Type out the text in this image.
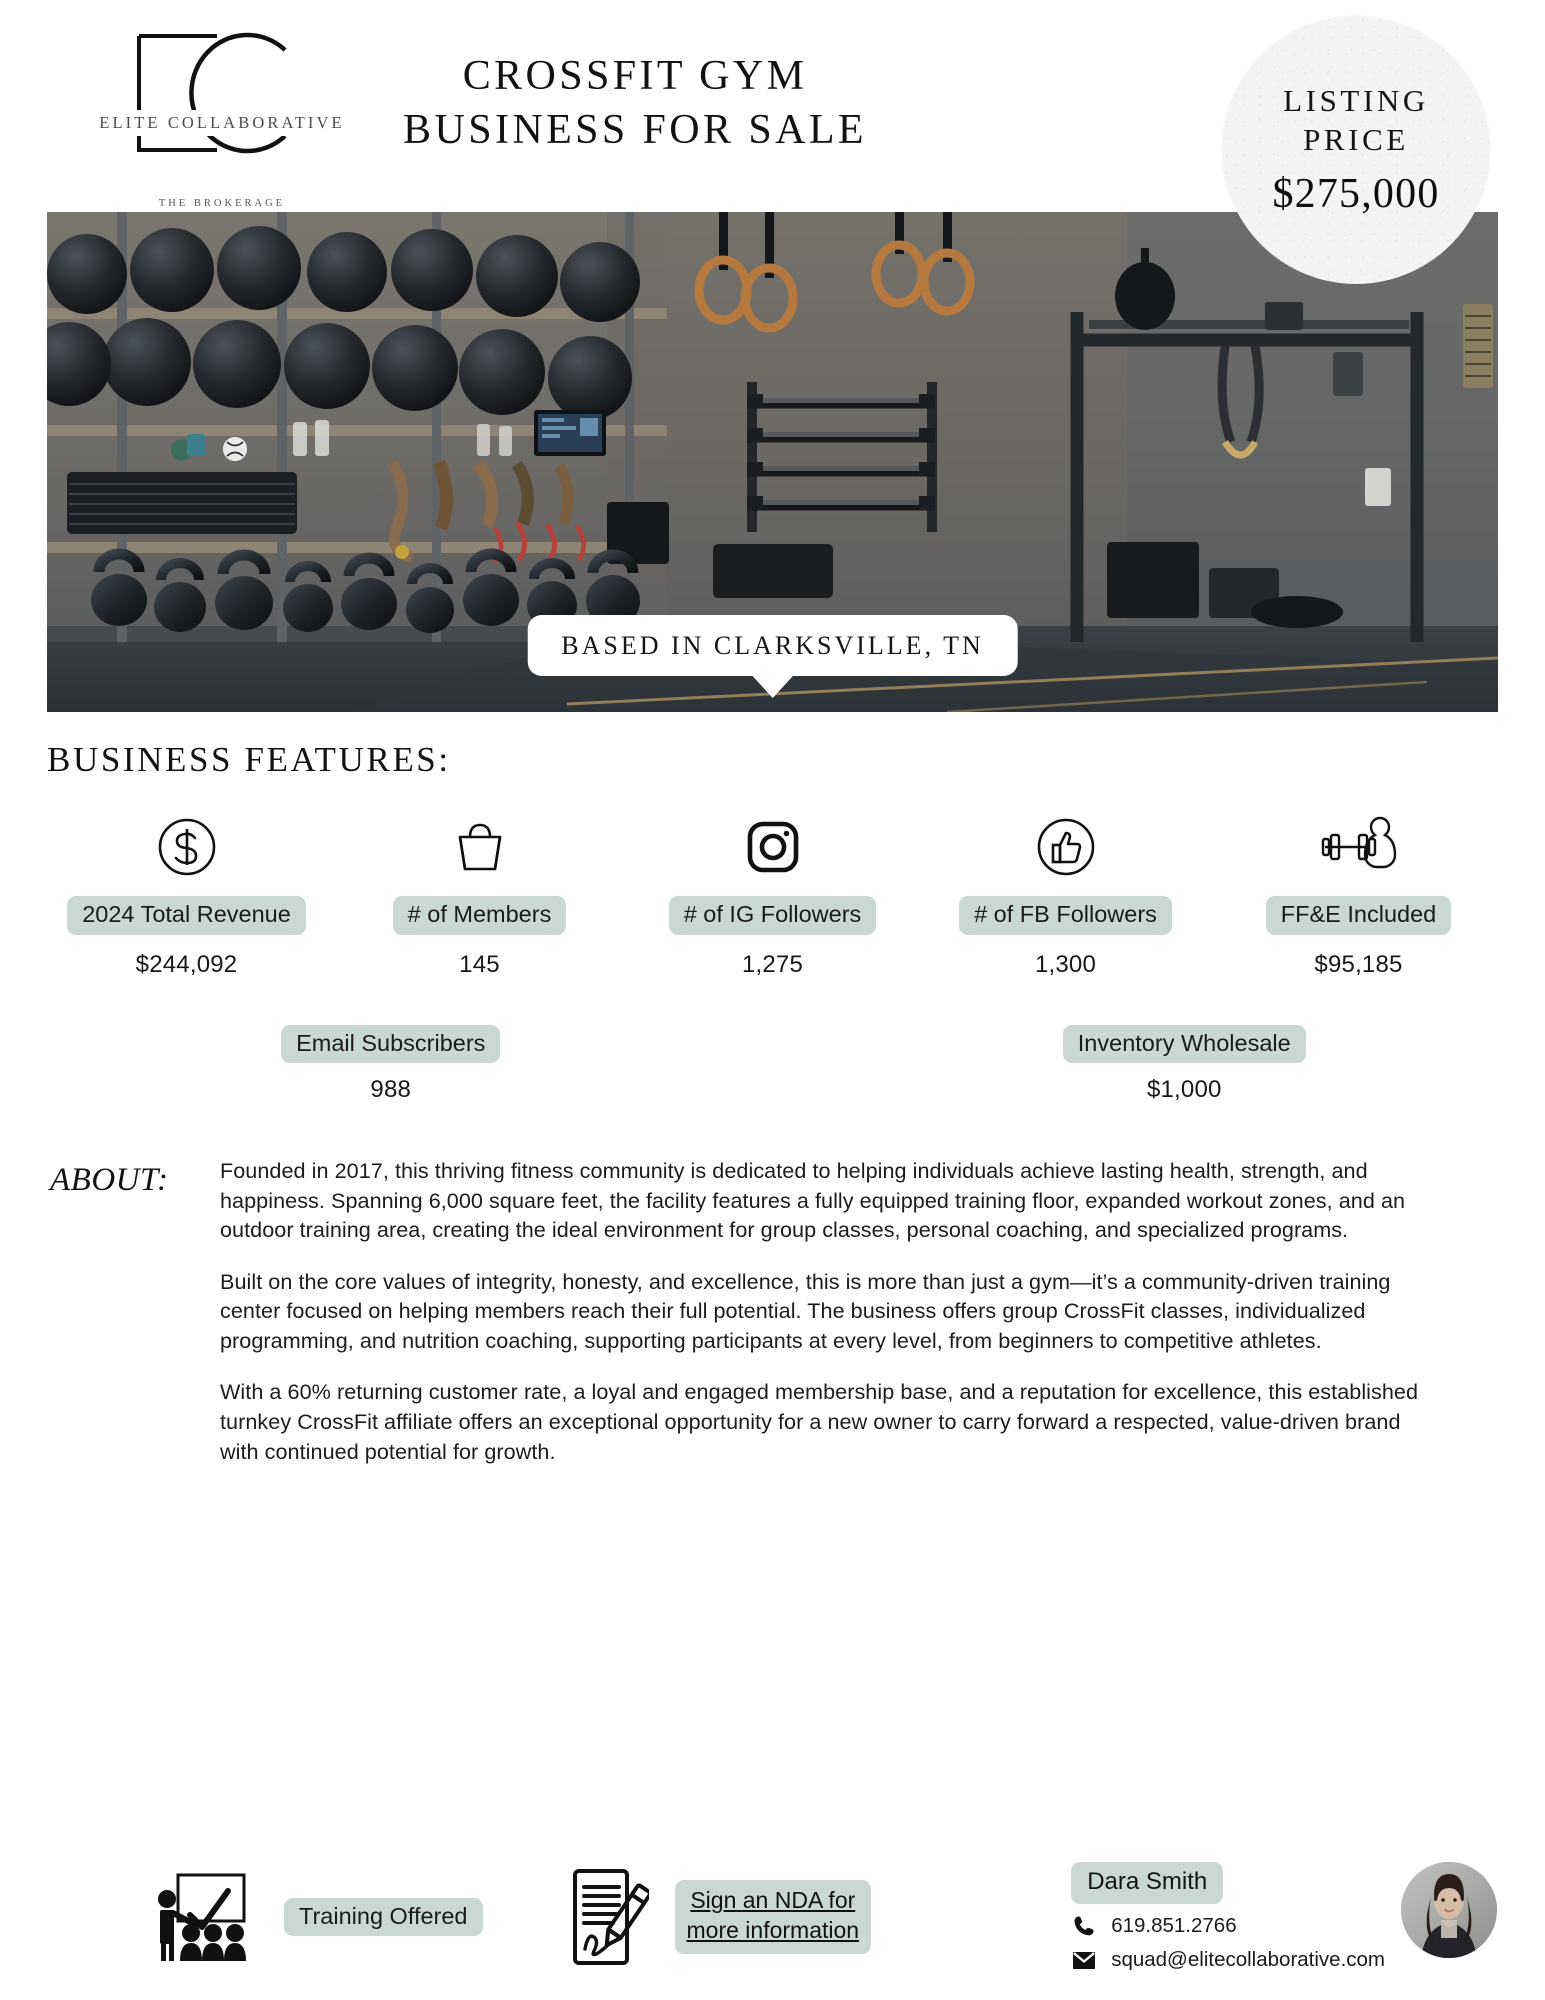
ELITE COLLABORATIVE
THE BROKERAGE
CROSSFIT GYM
BUSINESS FOR SALE
LISTING
PRICE
$275,000
BASED IN CLARKSVILLE, TN
BUSINESS FEATURES:
2024 Total Revenue
$244,092
# of Members
145
# of IG Followers
1,275
# of FB Followers
1,300
FF&E Included
$95,185
Email Subscribers
988
Inventory Wholesale
$1,000
ABOUT:	Founded in 2017, this thriving fitness community is dedicated to helping individuals achieve lasting health, strength, and happiness. Spanning 6,000 square feet, the facility features a fully equipped training floor, expanded workout zones, and an outdoor training area, creating the ideal environment for group classes, personal coaching, and specialized programs.

Built on the core values of integrity, honesty, and excellence, this is more than just a gym—it’s a community-driven training center focused on helping members reach their full potential. The business offers group CrossFit classes, individualized programming, and nutrition coaching, supporting participants at every level, from beginners to competitive athletes.

With a 60% returning customer rate, a loyal and engaged membership base, and a reputation for excellence, this established turnkey CrossFit affiliate offers an exceptional opportunity for a new owner to carry forward a respected, value-driven brand with continued potential for growth.

Training Offered
Sign an NDA for
more information
Dara Smith
619.851.2766
squad@elitecollaborative.com
